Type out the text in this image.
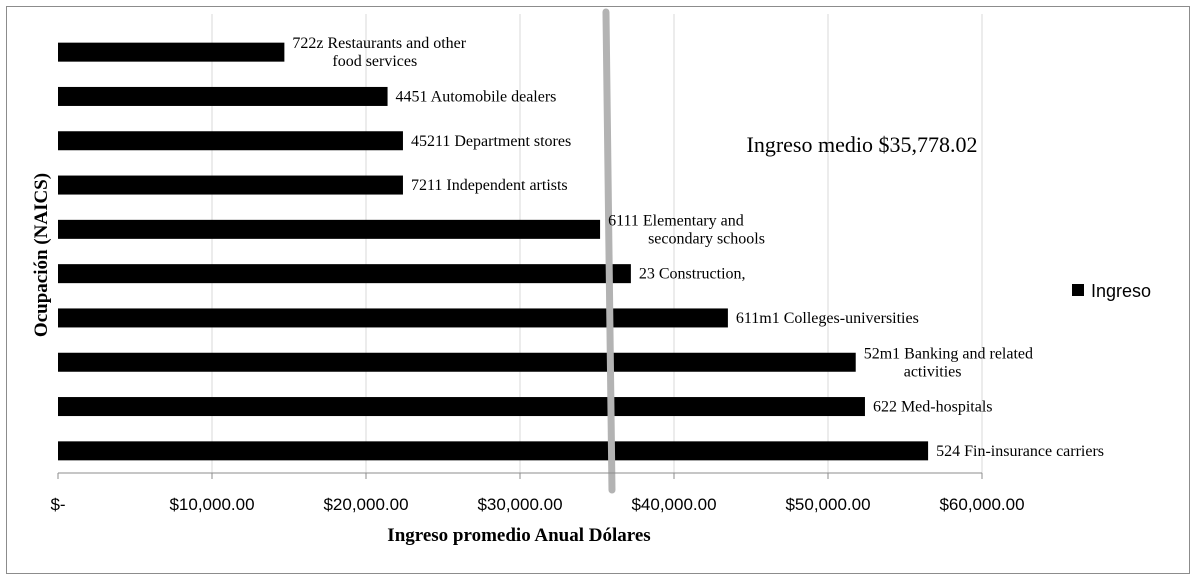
722z Restaurants and other food services
4451 Automobile dealers
45211 Department stores
7211 Independent artists
6111 Elementary and secondary schools
23 Construction,
611m1 Colleges-universities
52m1 Banking and related activities
622 Med-hospitals
524 Fin-insurance carriers
$-	$10,000.00	$20,000.00	$30,000.00	$40,000.00	$50,000.00	$60,000.00
Ingreso promedio Anual Dólares
Ocupación (NAICS)
Ingreso medio $35,778.02
Ingreso
